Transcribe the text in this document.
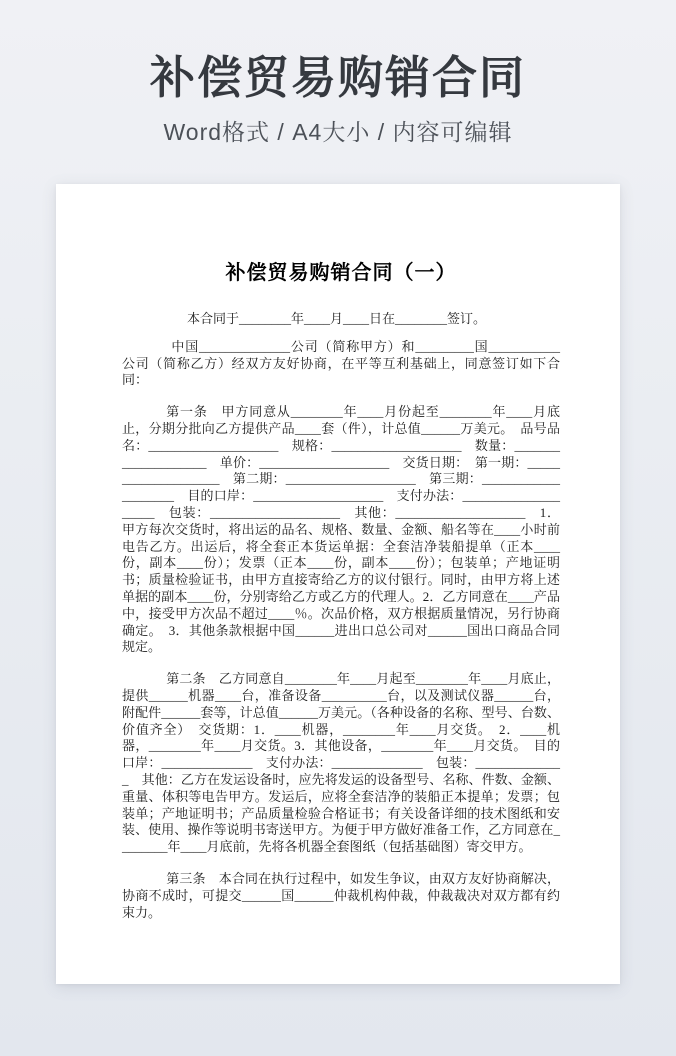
补偿贸易购销合同
Word格式 / A4大小 / 内容可编辑
补偿贸易购销合同（一）

本合同于________年____月____日在________签订。

中国______________公司（简称甲方）和_________国___________公司（简称乙方）经双方友好协商，在平等互利基础上，同意签订如下合同：

第一条　甲方同意从________年____月份起至________年____月底止，分期分批向乙方提供产品____套（件），计总值______万美元。　品号品名：____________________　规格：____________________　数量：____________________　单价：____________________　交货日期：　第一期：____________________　第二期：____________________　第三期：____________________　目的口岸：____________________　支付办法：____________________　包装：____________________　其他：____________________　1．甲方每次交货时，将出运的品名、规格、数量、金额、船名等在____小时前电告乙方。出运后，将全套正本货运单据：全套洁净装船提单（正本____份，副本____份）；发票（正本____份，副本____份）；包装单；产地证明书；质量检验证书，由甲方直接寄给乙方的议付银行。同时，由甲方将上述单据的副本____份，分别寄给乙方或乙方的代理人。2．乙方同意在____产品中，接受甲方次品不超过____％。次品价格，双方根据质量情况，另行协商确定。　3．其他条款根据中国______进出口总公司对______国出口商品合同规定。

第二条　乙方同意自________年____月起至________年____月底止，提供______机器____台，准备设备__________台，以及测试仪器______台，附配件______套等，计总值______万美元。（各种设备的名称、型号、台数、价值齐全）　交货期：1．____机器，________年____月交货。　2．____机器，________年____月交货。3．其他设备，________年____月交货。　目的口岸：______________　支付办法：______________　包装：______________　其他：乙方在发运设备时，应先将发运的设备型号、名称、件数、金额、重量、体积等电告甲方。发运后，应将全套洁净的装船正本提单；发票；包装单；产地证明书；产品质量检验合格证书；有关设备详细的技术图纸和安装、使用、操作等说明书寄送甲方。为便于甲方做好准备工作，乙方同意在________年____月底前，先将各机器全套图纸（包括基础图）寄交甲方。

第三条　本合同在执行过程中，如发生争议，由双方友好协商解决，协商不成时，可提交______国______仲裁机构仲裁，仲裁裁决对双方都有约束力。
